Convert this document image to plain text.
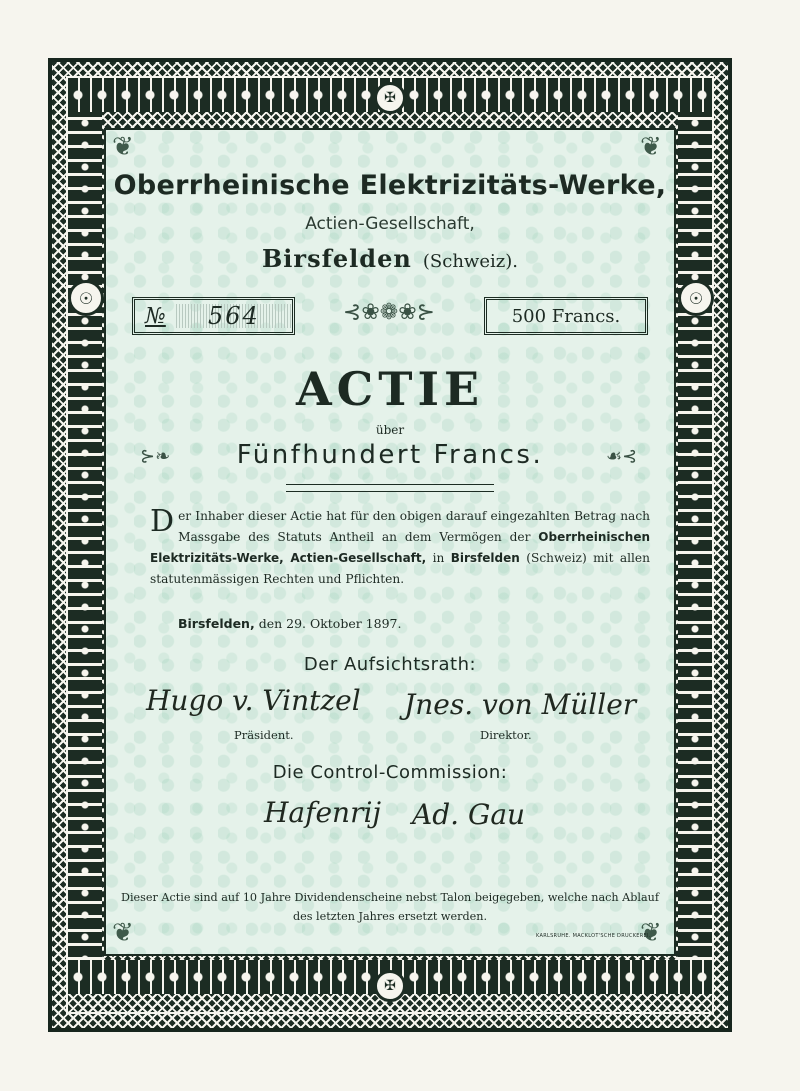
✠
✠
☉	☉
❦	❦
❦	❦
Oberrheinische Elektrizitäts-Werke,
Actien-Gesellschaft,
Birsfelden (Schweiz).
№ 564	⊰❀❁❀⊱	500 Francs.
ACTIE
über
⊱❧	Fünfhundert Francs.	☙⊰
Der Inhaber dieser Actie hat für den obigen darauf eingezahlten Betrag nach Massgabe des Statuts Antheil an dem Vermögen der Oberrheinischen Elektrizitäts-Werke, Actien-Gesellschaft, in Birsfelden (Schweiz) mit allen statutenmässigen Rechten und Pflichten.
Birsfelden, den 29. Oktober 1897.
Der Aufsichtsrath:
Hugo v. Vintzel Jnes. von Müller
Präsident.	Direktor.
Die Control-Commission:
Hafenrij Ad. Gau
Dieser Actie sind auf 10 Jahre Dividendenscheine nebst Talon beigegeben, welche nach Ablauf des letzten Jahres ersetzt werden.
KARLSRUHE. MACKLOT'SCHE DRUCKEREI.
